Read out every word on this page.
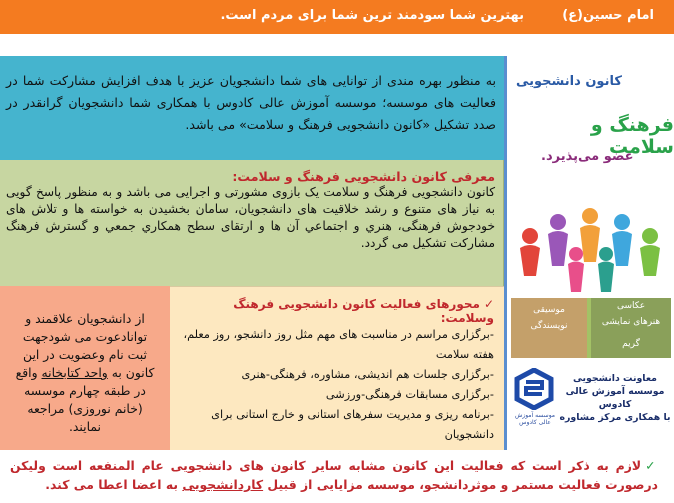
بهترین شما سودمند ترین شما برای مردم است.	امام حسین(ع)
به منظور بهره مندی از توانایی های شما دانشجویان عزیز با هدف افزایش مشارکت شما در فعالیت های موسسه؛ موسسه آموزش عالی کادوس با همکاری شما دانشجویان گرانقدر در صدد تشکیل «کانون دانشجویی فرهنگ و سلامت» می باشد.
معرفی کانون دانشجویی فرهنگ و سلامت:
کانون دانشجویی فرهنگ و سلامت یک بازوی مشورتی و اجرایی می باشد و به منظور پاسخ گویی به نیاز های متنوع و رشد خلاقیت های دانشجویان، سامان بخشیدن به خواسته ها و تلاش های خودجوش فرهنگی، هنري و اجتماعي آن ها و ارتقای سطح همکاري جمعي و گسترش فرهنگ مشارکت تشکیل می گردد.
✓محورهای فعالیت کانون دانشجویی فرهنگ وسلامت:
-برگزاری مراسم در مناسبت های مهم مثل روز دانشجو، روز معلم،
هفته سلامت
-برگزاری جلسات هم اندیشی، مشاوره، فرهنگی-هنری
-برگزاری مسابقات فرهنگی-ورزشی
-برنامه ریزی و مدیریت سفرهای استانی و خارج استانی برای
دانشجویان
از دانشجویان علاقمند و
توانادعوت می شودجهت
ثبت نام وعضویت در این
کانون به واحد کتابخانه واقع
در طبقه چهارم موسسه
(خانم نوروزی) مراجعه
نمایند.
کانون دانشجویی
فرهنگ و سلامت
عضو می‌پذیرد.
موسیقی
نویسندگی
عکاسی
هنرهای نمایشی
گریم
موسسه آموزش عالی کادوس
معاونت دانشجویی
موسسه آموزش عالی
کادوس
با همکاری مرکز مشاوره
✓لازم به ذکر است که فعالیت این کانون مشابه سایر کانون های دانشجویی عام المنفعه است ولیکن درصورت فعالیت مستمر و موثردانشجو، موسسه مزایایی از قبیل کاردانشجویی به اعضا اعطا می کند.
